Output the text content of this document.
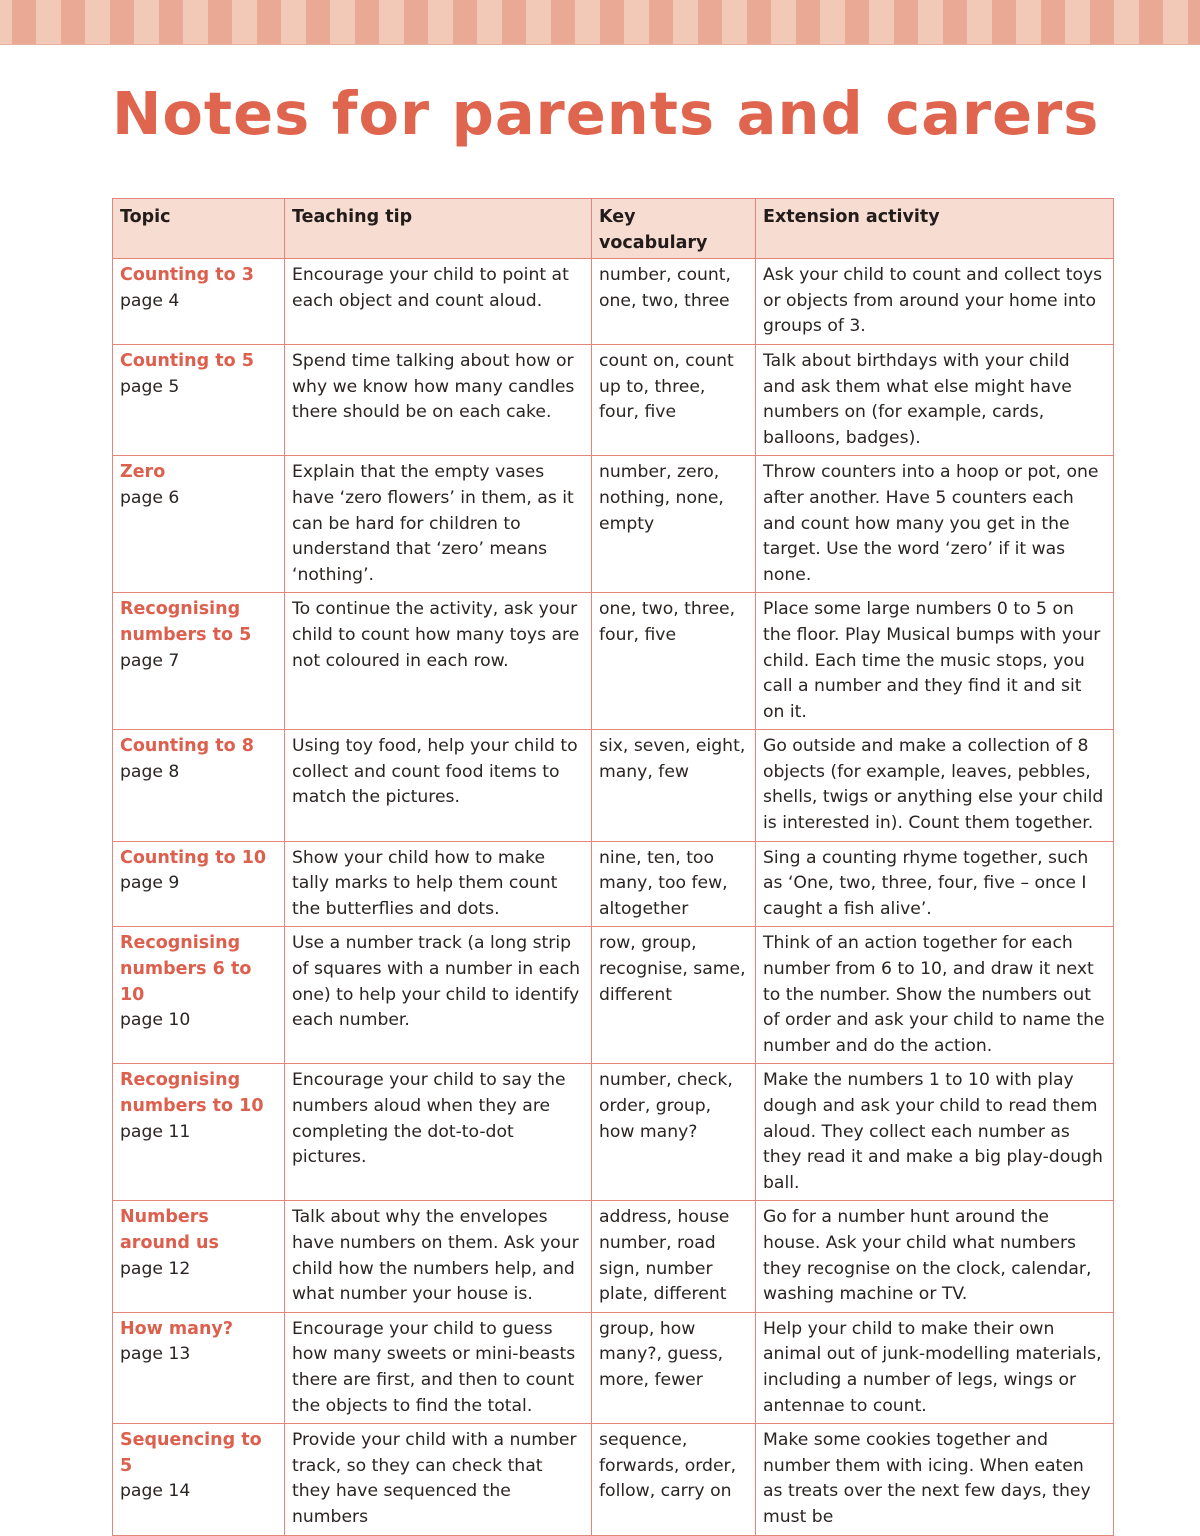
Notes for parents and carers
Topic	Teaching tip	Key vocabulary	Extension activity

Counting to 3
page 4	Encourage your child to point at each object and count aloud.	number, count, one, two, three	Ask your child to count and collect toys or objects from around your home into groups of 3.

Counting to 5
page 5	Spend time talking about how or why we know how many candles there should be on each cake.	count on, count up to, three, four, five	Talk about birthdays with your child and ask them what else might have numbers on (for example, cards, balloons, badges).

Zero
page 6	Explain that the empty vases have ‘zero flowers’ in them, as it can be hard for children to understand that ‘zero’ means ‘nothing’.	number, zero, nothing, none, empty	Throw counters into a hoop or pot, one after another. Have 5 counters each and count how many you get in the target. Use the word ‘zero’ if it was none.

Recognising numbers to 5
page 7	To continue the activity, ask your child to count how many toys are not coloured in each row.	one, two, three, four, five	Place some large numbers 0 to 5 on the floor. Play Musical bumps with your child. Each time the music stops, you call a number and they find it and sit on it.

Counting to 8
page 8	Using toy food, help your child to collect and count food items to match the pictures.	six, seven, eight, many, few	Go outside and make a collection of 8 objects (for example, leaves, pebbles, shells, twigs or anything else your child is interested in). Count them together.

Counting to 10
page 9	Show your child how to make tally marks to help them count the butterflies and dots.	nine, ten, too many, too few, altogether	Sing a counting rhyme together, such as ‘One, two, three, four, five – once I caught a fish alive’.

Recognising numbers 6 to 10
page 10	Use a number track (a long strip of squares with a number in each one) to help your child to identify each number.	row, group, recognise, same, different	Think of an action together for each number from 6 to 10, and draw it next to the number. Show the numbers out of order and ask your child to name the number and do the action.

Recognising numbers to 10
page 11	Encourage your child to say the numbers aloud when they are completing the dot-to-dot pictures.	number, check, order, group, how many?	Make the numbers 1 to 10 with play dough and ask your child to read them aloud. They collect each number as they read it and make a big play-dough ball.

Numbers around us
page 12	Talk about why the envelopes have numbers on them. Ask your child how the numbers help, and what number your house is.	address, house number, road sign, number plate, different	Go for a number hunt around the house. Ask your child what numbers they recognise on the clock, calendar, washing machine or TV.

How many?
page 13	Encourage your child to guess how many sweets or mini-beasts there are first, and then to count the objects to find the total.	group, how many?, guess, more, fewer	Help your child to make their own animal out of junk-modelling materials, including a number of legs, wings or antennae to count.

Sequencing to 5
page 14	Provide your child with a number track, so they can check that they have sequenced the numbers	sequence, forwards, order, follow, carry on	Make some cookies together and number them with icing. When eaten as treats over the next few days, they must be
